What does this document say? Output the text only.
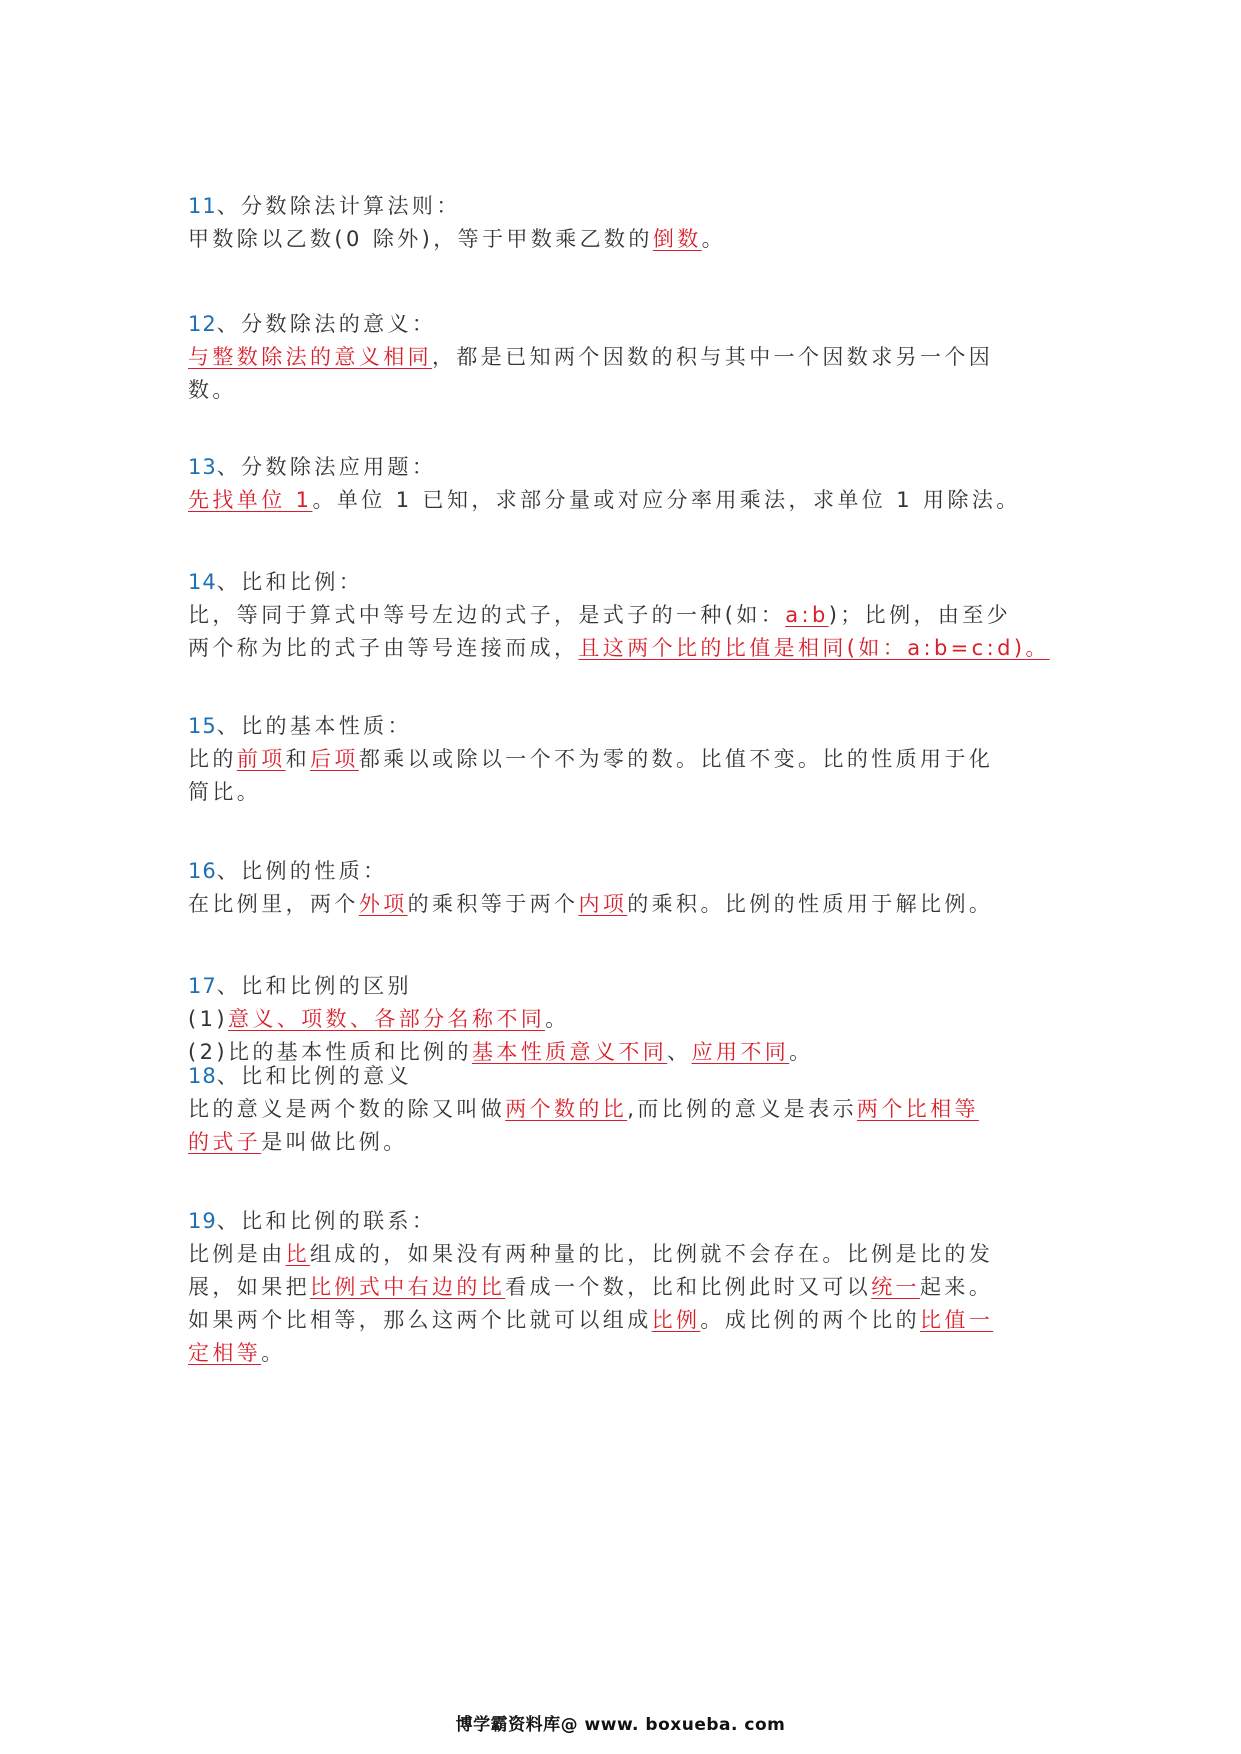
11、分数除法计算法则：
甲数除以乙数(0 除外)，等于甲数乘乙数的倒数。
12、分数除法的意义：
与整数除法的意义相同，都是已知两个因数的积与其中一个因数求另一个因
数。
13、分数除法应用题：
先找单位 1。单位 1 已知，求部分量或对应分率用乘法，求单位 1 用除法。
14、比和比例：
比，等同于算式中等号左边的式子，是式子的一种(如：a:b)；比例，由至少
两个称为比的式子由等号连接而成，且这两个比的比值是相同(如：a:b=c:d)。
15、比的基本性质：
比的前项和后项都乘以或除以一个不为零的数。比值不变。比的性质用于化
简比。
16、比例的性质：
在比例里，两个外项的乘积等于两个内项的乘积。比例的性质用于解比例。
17、比和比例的区别
(1)意义、项数、各部分名称不同。
(2)比的基本性质和比例的基本性质意义不同、应用不同。
18、比和比例的意义
比的意义是两个数的除又叫做两个数的比,而比例的意义是表示两个比相等
的式子是叫做比例。
19、比和比例的联系：
比例是由比组成的，如果没有两种量的比，比例就不会存在。比例是比的发
展，如果把比例式中右边的比看成一个数，比和比例此时又可以统一起来。
如果两个比相等，那么这两个比就可以组成比例。成比例的两个比的比值一
定相等。
博学霸资料库@ www. boxueba. com
